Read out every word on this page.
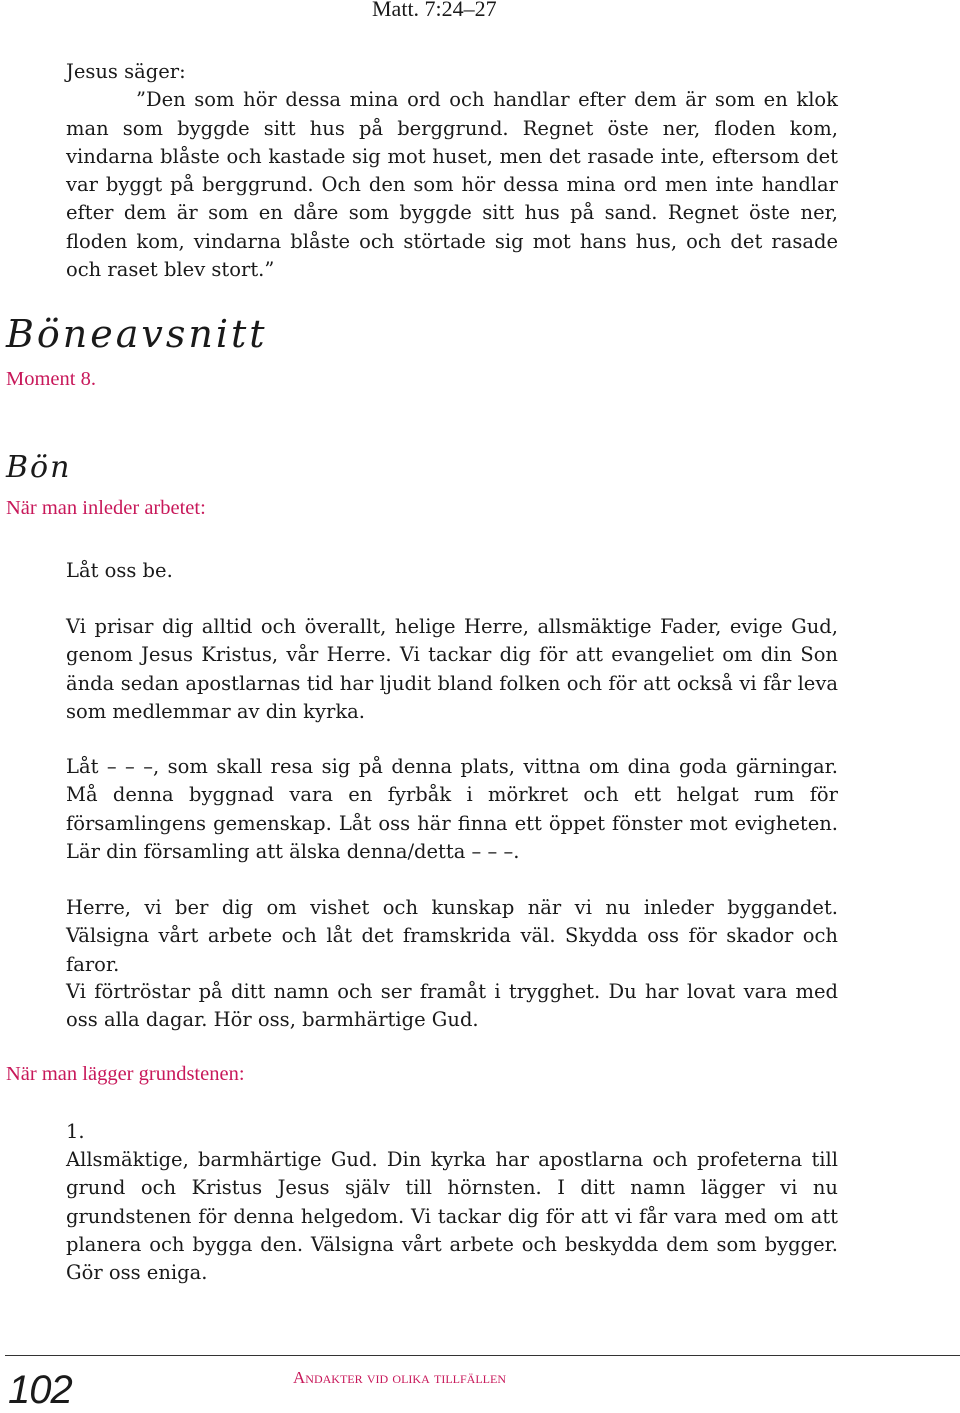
Matt. 7:24–27

Jesus säger:

”Den som hör dessa mina ord och handlar efter dem är som en klok man som byggde sitt hus på berggrund. Regnet öste ner, floden kom, vindarna blåste och kastade sig mot huset, men det rasade inte, eftersom det var byggt på berggrund. Och den som hör dessa mina ord men inte handlar efter dem är som en dåre som byggde sitt hus på sand. Regnet öste ner, floden kom, vindarna blåste och störtade sig mot hans hus, och det rasade och raset blev stort.”

Böneavsnitt
Moment 8.
Bön
När man inleder arbetet:

Låt oss be.

Vi prisar dig alltid och överallt, helige Herre, allsmäktige Fader, evige Gud, genom Jesus Kristus, vår Herre. Vi tackar dig för att evangeliet om din Son ända sedan apostlarnas tid har ljudit bland folken och för att också vi får leva som medlemmar av din kyrka.

Låt – – –, som skall resa sig på denna plats, vittna om dina goda gärningar. Må denna byggnad vara en fyrbåk i mörkret och ett helgat rum för församlingens gemenskap. Låt oss här finna ett öppet fönster mot evigheten. Lär din församling att älska denna/detta – – –.

Herre, vi ber dig om vishet och kunskap när vi nu inleder byggandet. Välsigna vårt arbete och låt det framskrida väl. Skydda oss för skador och faror.

Vi förtröstar på ditt namn och ser framåt i trygghet. Du har lovat vara med oss alla dagar. Hör oss, barmhärtige Gud.

När man lägger grundstenen:

1.

Allsmäktige, barmhärtige Gud. Din kyrka har apostlarna och profeterna till grund och Kristus Jesus själv till hörnsten. I ditt namn lägger vi nu grundstenen för denna helgedom. Vi tackar dig för att vi får vara med om att planera och bygga den. Välsigna vårt arbete och beskydda dem som bygger. Gör oss eniga.

102	Andakter vid olika tillfällen
